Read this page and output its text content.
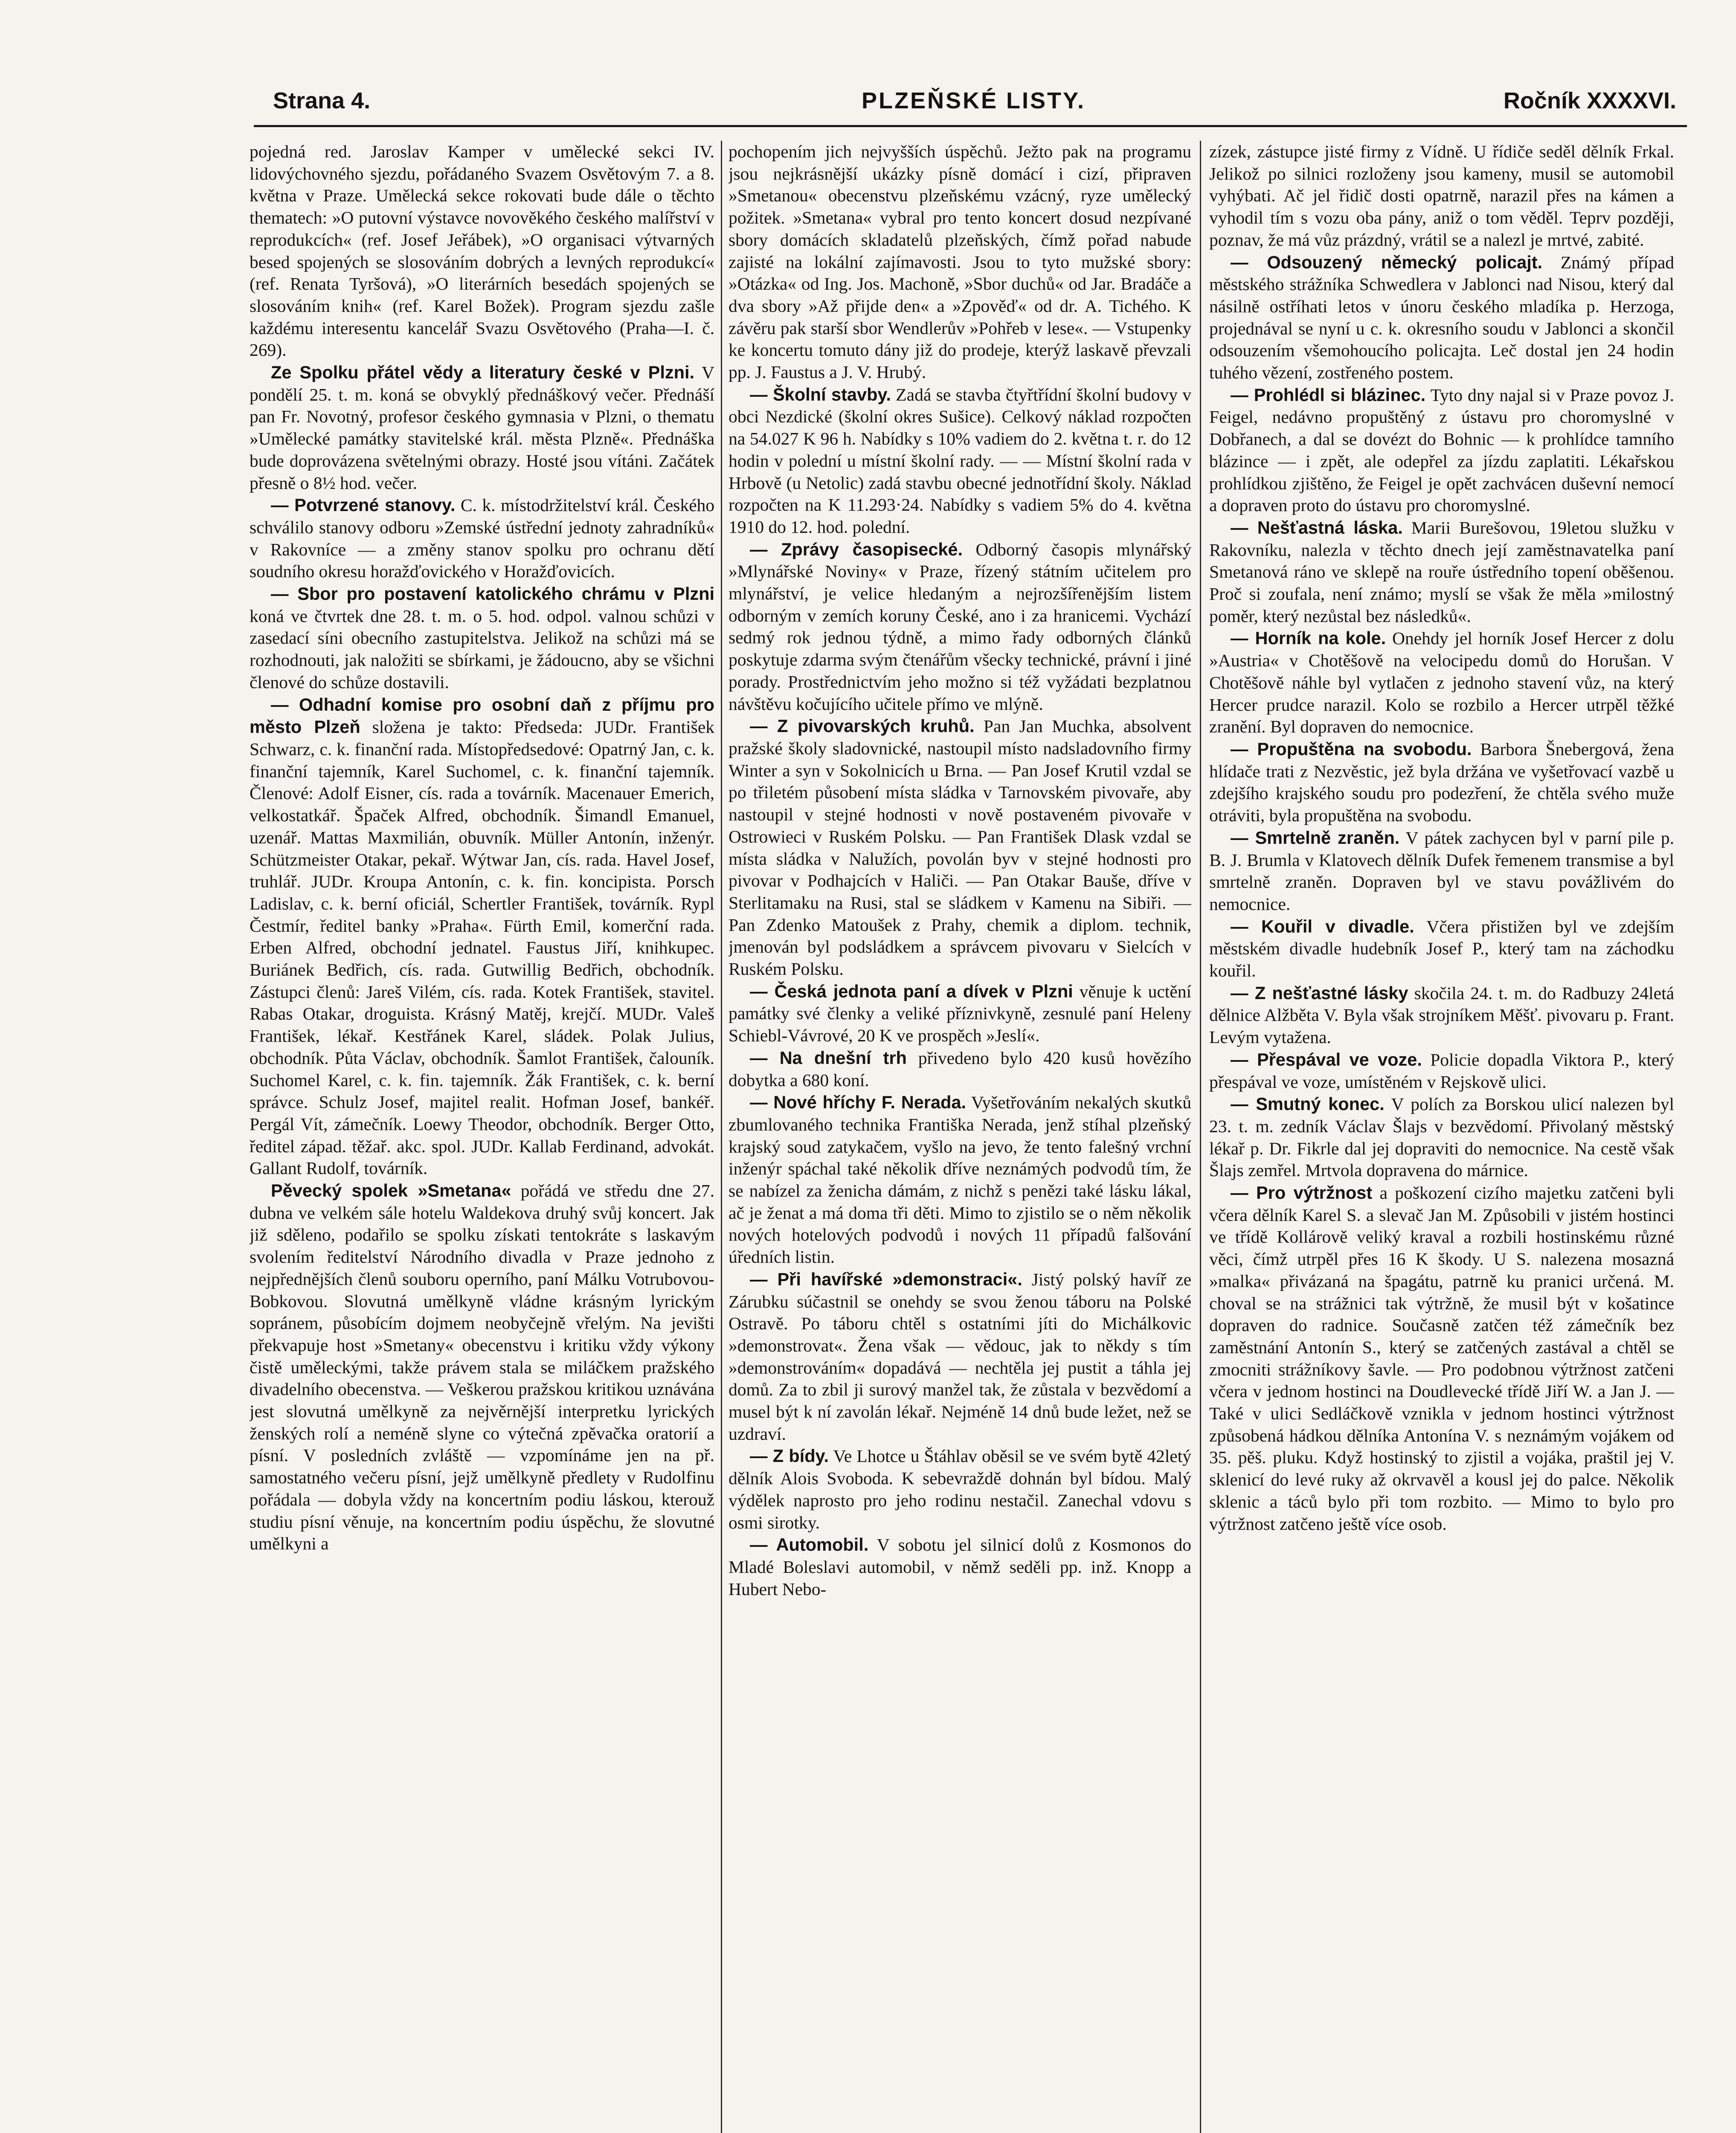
Strana 4.	PLZEŇSKÉ LISTY.	Ročník XXXXVI.

pojedná red. Jaroslav Kamper v umělecké sekci IV. lidovýchovného sjezdu, pořádaného Svazem Osvětovým 7. a 8. května v Praze. Umělecká sekce rokovati bude dále o těchto thematech: »O putovní výstavce novověkého českého malířství v reprodukcích« (ref. Josef Jeřábek), »O organisaci výtvarných besed spojených se slosováním dobrých a levných reprodukcí« (ref. Renata Tyršová), »O literárních besedách spojených se slosováním knih« (ref. Karel Božek). Program sjezdu zašle každému interesentu kancelář Svazu Osvětového (Praha—I. č. 269).

Ze Spolku přátel vědy a literatury české v Plzni. V pondělí 25. t. m. koná se obvyklý přednáškový večer. Přednáší pan Fr. Novotný, profesor českého gymnasia v Plzni, o thematu »Umělecké památky stavitelské král. města Plzně«. Přednáška bude doprovázena světelnými obrazy. Hosté jsou vítáni. Začátek přesně o 8½ hod. večer.

— Potvrzené stanovy. C. k. místodržitelství král. Českého schválilo stanovy odboru »Zemské ústřední jednoty zahradníků« v Rakovníce — a změny stanov spolku pro ochranu dětí soudního okresu horažďovického v Horažďovicích.

— Sbor pro postavení katolického chrámu v Plzni koná ve čtvrtek dne 28. t. m. o 5. hod. odpol. valnou schůzi v zasedací síni obecního zastupitelstva. Jelikož na schůzi má se rozhodnouti, jak naložiti se sbírkami, je žádoucno, aby se všichni členové do schůze dostavili.

— Odhadní komise pro osobní daň z příjmu pro město Plzeň složena je takto: Předseda: JUDr. František Schwarz, c. k. finanční rada. Místopředsedové: Opatrný Jan, c. k. finanční tajemník, Karel Suchomel, c. k. finanční tajemník. Členové: Adolf Eisner, cís. rada a továrník. Macenauer Emerich, velkostatkář. Špaček Alfred, obchodník. Šimandl Emanuel, uzenář. Mattas Maxmilián, obuvník. Müller Antonín, inženýr. Schützmeister Otakar, pekař. Wýtwar Jan, cís. rada. Havel Josef, truhlář. JUDr. Kroupa Antonín, c. k. fin. koncipista. Porsch Ladislav, c. k. berní oficiál, Schertler František, továrník. Rypl Čestmír, ředitel banky »Praha«. Fürth Emil, komerční rada. Erben Alfred, obchodní jednatel. Faustus Jiří, knihkupec. Buriánek Bedřich, cís. rada. Gutwillig Bedřich, obchodník. Zástupci členů: Jareš Vilém, cís. rada. Kotek František, stavitel. Rabas Otakar, droguista. Krásný Matěj, krejčí. MUDr. Valeš František, lékař. Kestřánek Karel, sládek. Polak Julius, obchodník. Půta Václav, obchodník. Šamlot František, čalouník. Suchomel Karel, c. k. fin. tajemník. Žák František, c. k. berní správce. Schulz Josef, majitel realit. Hofman Josef, bankéř. Pergál Vít, zámečník. Loewy Theodor, obchodník. Berger Otto, ředitel západ. těžař. akc. spol. JUDr. Kallab Ferdinand, advokát. Gallant Rudolf, továrník.

Pěvecký spolek »Smetana« pořádá ve středu dne 27. dubna ve velkém sále hotelu Waldekova druhý svůj koncert. Jak již sděleno, podařilo se spolku získati tentokráte s laskavým svolením ředitelství Národního divadla v Praze jednoho z nejpřednějších členů souboru operního, paní Málku Votrubovou-Bobkovou. Slovutná umělkyně vládne krásným lyrickým sopránem, působícím dojmem neobyčejně vřelým. Na jevišti překvapuje host »Smetany« obecenstvu i kritiku vždy výkony čistě uměleckými, takže právem stala se miláčkem pražského divadelního obecenstva. — Veškerou pražskou kritikou uznávána jest slovutná umělkyně za nejvěrnější interpretku lyrických ženských rolí a neméně slyne co výtečná zpěvačka oratorií a písní. V posledních zvláště — vzpomínáme jen na př. samostatného večeru písní, jejž umělkyně předlety v Rudolfinu pořádala — dobyla vždy na koncertním podiu láskou, kterouž studiu písní věnuje, na koncertním podiu úspěchu, že slovutné umělkyni a

pochopením jich nejvyšších úspěchů. Ježto pak na programu jsou nejkrásnější ukázky písně domácí i cizí, připraven »Smetanou« obecenstvu plzeňskému vzácný, ryze umělecký požitek. »Smetana« vybral pro tento koncert dosud nezpívané sbory domácích skladatelů plzeňských, čímž pořad nabude zajisté na lokální zajímavosti. Jsou to tyto mužské sbory: »Otázka« od Ing. Jos. Machoně, »Sbor duchů« od Jar. Bradáče a dva sbory »Až přijde den« a »Zpověď« od dr. A. Tichého. K závěru pak starší sbor Wendlerův »Pohřeb v lese«. — Vstupenky ke koncertu tomuto dány již do prodeje, kterýž laskavě převzali pp. J. Faustus a J. V. Hrubý.

— Školní stavby. Zadá se stavba čtyřtřídní školní budovy v obci Nezdické (školní okres Sušice). Celkový náklad rozpočten na 54.027 K 96 h. Nabídky s 10% vadiem do 2. května t. r. do 12 hodin v polední u místní školní rady. — — Místní školní rada v Hrbově (u Netolic) zadá stavbu obecné jednotřídní školy. Náklad rozpočten na K 11.293·24. Nabídky s vadiem 5% do 4. května 1910 do 12. hod. polední.

— Zprávy časopisecké. Odborný časopis mlynářský »Mlynářské Noviny« v Praze, řízený státním učitelem pro mlynářství, je velice hledaným a nejrozšířenějším listem odborným v zemích koruny České, ano i za hranicemi. Vychází sedmý rok jednou týdně, a mimo řady odborných článků poskytuje zdarma svým čtenářům všecky technické, právní i jiné porady. Prostřednictvím jeho možno si též vyžádati bezplatnou návštěvu kočujícího učitele přímo ve mlýně.

— Z pivovarských kruhů. Pan Jan Muchka, absolvent pražské školy sladovnické, nastoupil místo nadsladovního firmy Winter a syn v Sokolnicích u Brna. — Pan Josef Krutil vzdal se po třiletém působení místa sládka v Tarnovském pivovaře, aby nastoupil v stejné hodnosti v nově postaveném pivovaře v Ostrowieci v Ruském Polsku. — Pan František Dlask vzdal se místa sládka v Nalužích, povolán byv v stejné hodnosti pro pivovar v Podhajcích v Haliči. — Pan Otakar Bauše, dříve v Sterlitamaku na Rusi, stal se sládkem v Kamenu na Sibiři. — Pan Zdenko Matoušek z Prahy, chemik a diplom. technik, jmenován byl podsládkem a správcem pivovaru v Sielcích v Ruském Polsku.

— Česká jednota paní a dívek v Plzni věnuje k uctění památky své členky a veliké příznivkyně, zesnulé paní Heleny Schiebl-Vávrové, 20 K ve prospěch »Jeslí«.

— Na dnešní trh přivedeno bylo 420 kusů hovězího dobytka a 680 koní.

— Nové hříchy F. Nerada. Vyšetřováním nekalých skutků zbumlovaného technika Františka Nerada, jenž stíhal plzeňský krajský soud zatykačem, vyšlo na jevo, že tento falešný vrchní inženýr spáchal také několik dříve neznámých podvodů tím, že se nabízel za ženicha dámám, z nichž s penězi také lásku lákal, ač je ženat a má doma tři děti. Mimo to zjistilo se o něm několik nových hotelových podvodů i nových 11 případů falšování úředních listin.

— Při havířské »demonstraci«. Jistý polský havíř ze Zárubku súčastnil se onehdy se svou ženou táboru na Polské Ostravě. Po táboru chtěl s ostatními jíti do Michálkovic »demonstrovat«. Žena však — vědouc, jak to někdy s tím »demonstrováním« dopadává — nechtěla jej pustit a táhla jej domů. Za to zbil ji surový manžel tak, že zůstala v bezvědomí a musel být k ní zavolán lékař. Nejméně 14 dnů bude ležet, než se uzdraví.

— Z bídy. Ve Lhotce u Štáhlav oběsil se ve svém bytě 42letý dělník Alois Svoboda. K sebevraždě dohnán byl bídou. Malý výdělek naprosto pro jeho rodinu nestačil. Zanechal vdovu s osmi sirotky.

— Automobil. V sobotu jel silnicí dolů z Kosmonos do Mladé Boleslavi automobil, v němž seděli pp. inž. Knopp a Hubert Nebo-

zízek, zástupce jisté firmy z Vídně. U řídiče seděl dělník Frkal. Jelikož po silnici rozloženy jsou kameny, musil se automobil vyhýbati. Ač jel řidič dosti opatrně, narazil přes na kámen a vyhodil tím s vozu oba pány, aniž o tom věděl. Teprv později, poznav, že má vůz prázdný, vrátil se a nalezl je mrtvé, zabité.

— Odsouzený německý policajt. Známý případ městského strážníka Schwedlera v Jablonci nad Nisou, který dal násilně ostříhati letos v únoru českého mladíka p. Herzoga, projednával se nyní u c. k. okresního soudu v Jablonci a skončil odsouzením všemohoucího policajta. Leč dostal jen 24 hodin tuhého vězení, zostřeného postem.

— Prohlédl si blázinec. Tyto dny najal si v Praze povoz J. Feigel, nedávno propuštěný z ústavu pro choromyslné v Dobřanech, a dal se dovézt do Bohnic — k prohlídce tamního blázince — i zpět, ale odepřel za jízdu zaplatiti. Lékařskou prohlídkou zjištěno, že Feigel je opět zachvácen duševní nemocí a dopraven proto do ústavu pro choromyslné.

— Nešťastná láska. Marii Burešovou, 19letou služku v Rakovníku, nalezla v těchto dnech její zaměstnavatelka paní Smetanová ráno ve sklepě na rouře ústředního topení oběšenou. Proč si zoufala, není známo; myslí se však že měla »milostný poměr, který nezůstal bez následků«.

— Horník na kole. Onehdy jel horník Josef Hercer z dolu »Austria« v Chotěšově na velocipedu domů do Horušan. V Chotěšově náhle byl vytlačen z jednoho stavení vůz, na který Hercer prudce narazil. Kolo se rozbilo a Hercer utrpěl těžké zranění. Byl dopraven do nemocnice.

— Propuštěna na svobodu. Barbora Šnebergová, žena hlídače trati z Nezvěstic, jež byla držána ve vyšetřovací vazbě u zdejšího krajského soudu pro podezření, že chtěla svého muže otráviti, byla propuštěna na svobodu.

— Smrtelně zraněn. V pátek zachycen byl v parní pile p. B. J. Brumla v Klatovech dělník Dufek řemenem transmise a byl smrtelně zraněn. Dopraven byl ve stavu povážlivém do nemocnice.

— Kouřil v divadle. Včera přistižen byl ve zdejším městském divadle hudebník Josef P., který tam na záchodku kouřil.

— Z nešťastné lásky skočila 24. t. m. do Radbuzy 24letá dělnice Alžběta V. Byla však strojníkem Měšť. pivovaru p. Frant. Levým vytažena.

— Přespával ve voze. Policie dopadla Viktora P., který přespával ve voze, umístěném v Rejskově ulici.

— Smutný konec. V polích za Borskou ulicí nalezen byl 23. t. m. zedník Václav Šlajs v bezvědomí. Přivolaný městský lékař p. Dr. Fikrle dal jej dopraviti do nemocnice. Na cestě však Šlajs zemřel. Mrtvola dopravena do márnice.

— Pro výtržnost a poškození cizího majetku zatčeni byli včera dělník Karel S. a slevač Jan M. Způsobili v jistém hostinci ve třídě Kollárově veliký kraval a rozbili hostinskému různé věci, čímž utrpěl přes 16 K škody. U S. nalezena mosazná »malka« přivázaná na špagátu, patrně ku pranici určená. M. choval se na strážnici tak výtržně, že musil být v košatince dopraven do radnice. Současně zatčen též zámečník bez zaměstnání Antonín S., který se zatčených zastával a chtěl se zmocniti strážníkovy šavle. — Pro podobnou výtržnost zatčeni včera v jednom hostinci na Doudlevecké třídě Jiří W. a Jan J. — Také v ulici Sedláčkově vznikla v jednom hostinci výtržnost způsobená hádkou dělníka Antonína V. s neznámým vojákem od 35. pěš. pluku. Když hostinský to zjistil a vojáka, praštil jej V. sklenicí do levé ruky až okrvavěl a kousl jej do palce. Několik sklenic a táců bylo při tom rozbito. — Mimo to bylo pro výtržnost zatčeno ještě více osob.
